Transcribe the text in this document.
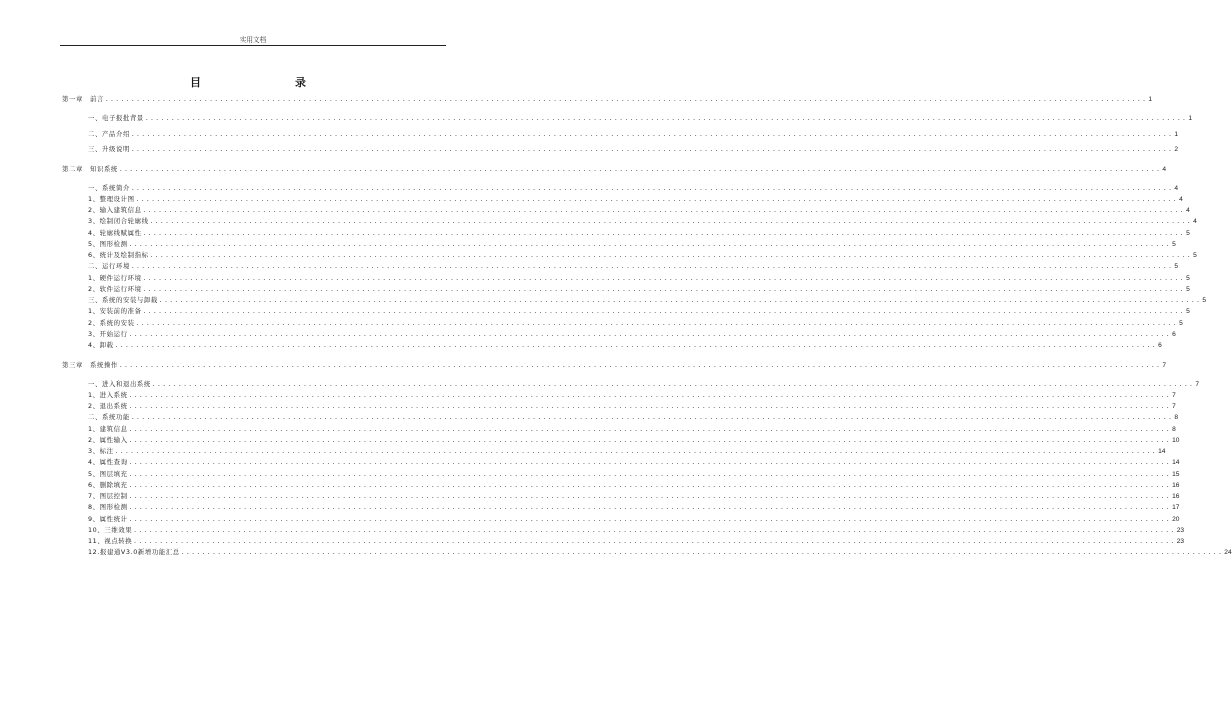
实用文档
目　　录
第一章　前言 ........................................................................................................................................................................................................ 1
一、电子报批背景 ........................................................................................................................................................................................................ 1
二、产品介绍 ........................................................................................................................................................................................................ 1
三、升级说明 ........................................................................................................................................................................................................ 2
第二章　知识系统 ........................................................................................................................................................................................................ 4
一、系统简介 ........................................................................................................................................................................................................ 4
1、整理设计图 ........................................................................................................................................................................................................ 4
2、输入建筑信息 ........................................................................................................................................................................................................ 4
3、绘制闭合轮廓线 ........................................................................................................................................................................................................ 4
4、轮廓线赋属性 ........................................................................................................................................................................................................ 5
5、图形检测 ........................................................................................................................................................................................................ 5
6、统计及绘制指标 ........................................................................................................................................................................................................ 5
二、运行环境 ........................................................................................................................................................................................................ 5
1、硬件运行环境 ........................................................................................................................................................................................................ 5
2、软件运行环境 ........................................................................................................................................................................................................ 5
三、系统的安装与卸载 ........................................................................................................................................................................................................ 5
1、安装前的准备 ........................................................................................................................................................................................................ 5
2、系统的安装 ........................................................................................................................................................................................................ 5
3、开始运行 ........................................................................................................................................................................................................ 6
4、卸载 ........................................................................................................................................................................................................ 6
第三章　系统操作 ........................................................................................................................................................................................................ 7
一、进入和退出系统 ........................................................................................................................................................................................................ 7
1、进入系统 ........................................................................................................................................................................................................ 7
2、退出系统 ........................................................................................................................................................................................................ 7
二、系统功能 ........................................................................................................................................................................................................ 8
1、建筑信息 ........................................................................................................................................................................................................ 8
2、属性输入 ........................................................................................................................................................................................................ 10
3、标注 ........................................................................................................................................................................................................ 14
4、属性查询 ........................................................................................................................................................................................................ 14
5、图层填充 ........................................................................................................................................................................................................ 15
6、删除填充 ........................................................................................................................................................................................................ 16
7、图层控制 ........................................................................................................................................................................................................ 16
8、图形检测 ........................................................................................................................................................................................................ 17
9、属性统计 ........................................................................................................................................................................................................ 20
10、三维效果 ........................................................................................................................................................................................................ 23
11、视点转换 ........................................................................................................................................................................................................ 23
12.报建通V3.0新增功能汇总 ........................................................................................................................................................................................................ 24
